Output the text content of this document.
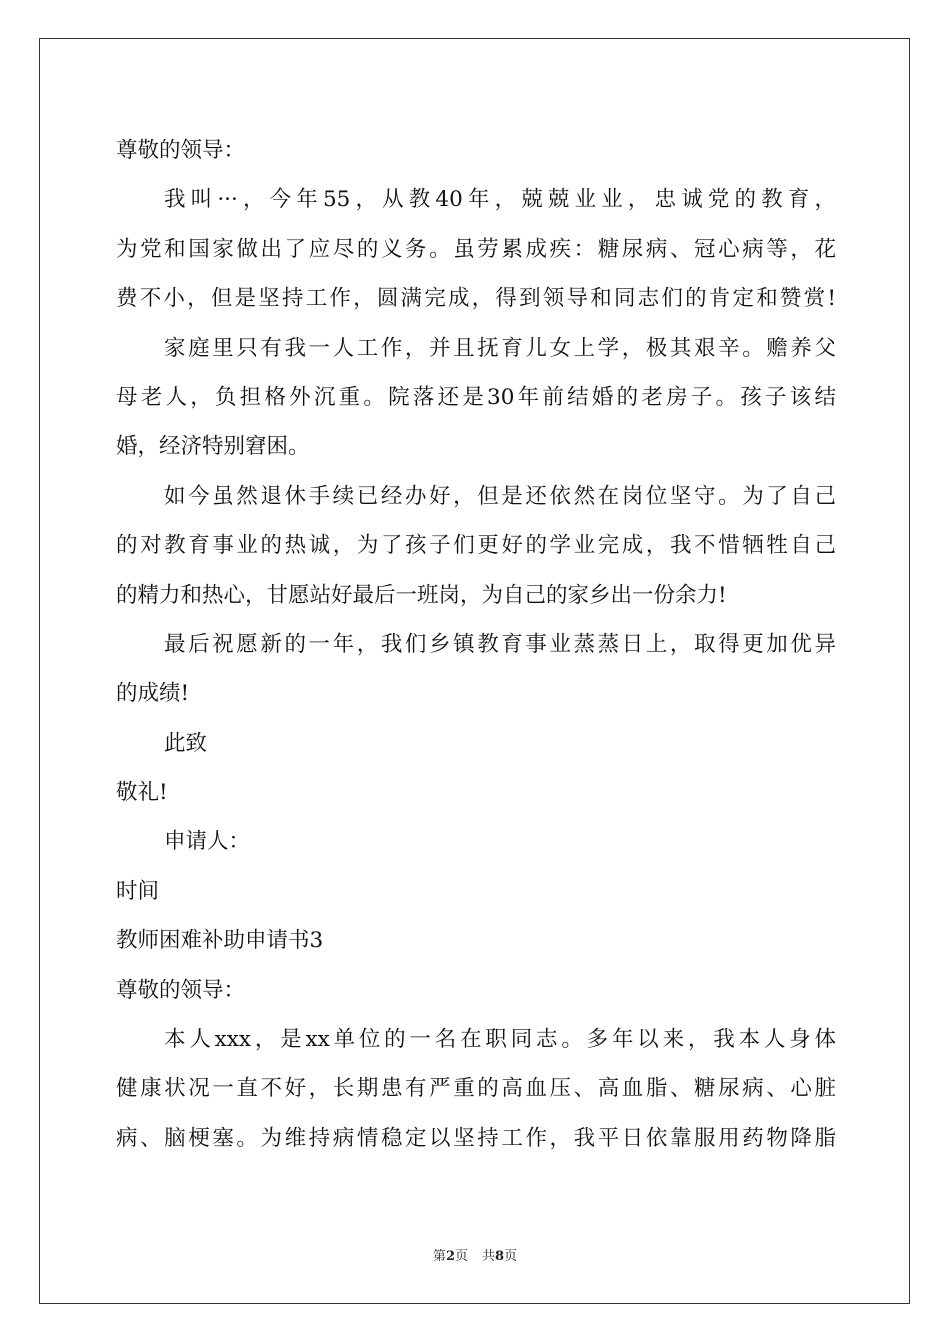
尊敬的领导：
我叫···，今年55，从教40年，兢兢业业，忠诚党的教育，
为党和国家做出了应尽的义务。虽劳累成疾：糖尿病、冠心病等，花
费不小，但是坚持工作，圆满完成，得到领导和同志们的肯定和赞赏!
家庭里只有我一人工作，并且抚育儿女上学，极其艰辛。赡养父
母老人，负担格外沉重。院落还是30年前结婚的老房子。孩子该结
婚，经济特别窘困。
如今虽然退休手续已经办好，但是还依然在岗位坚守。为了自己
的对教育事业的热诚，为了孩子们更好的学业完成，我不惜牺牲自己
的精力和热心，甘愿站好最后一班岗，为自己的家乡出一份余力!
最后祝愿新的一年，我们乡镇教育事业蒸蒸日上，取得更加优异
的成绩!
此致
敬礼!
申请人：
时间
教师困难补助申请书3
尊敬的领导：
本人xxx，是xx单位的一名在职同志。多年以来，我本人身体
健康状况一直不好，长期患有严重的高血压、高血脂、糖尿病、心脏
病、脑梗塞。为维持病情稳定以坚持工作，我平日依靠服用药物降脂
第2页 共8页
